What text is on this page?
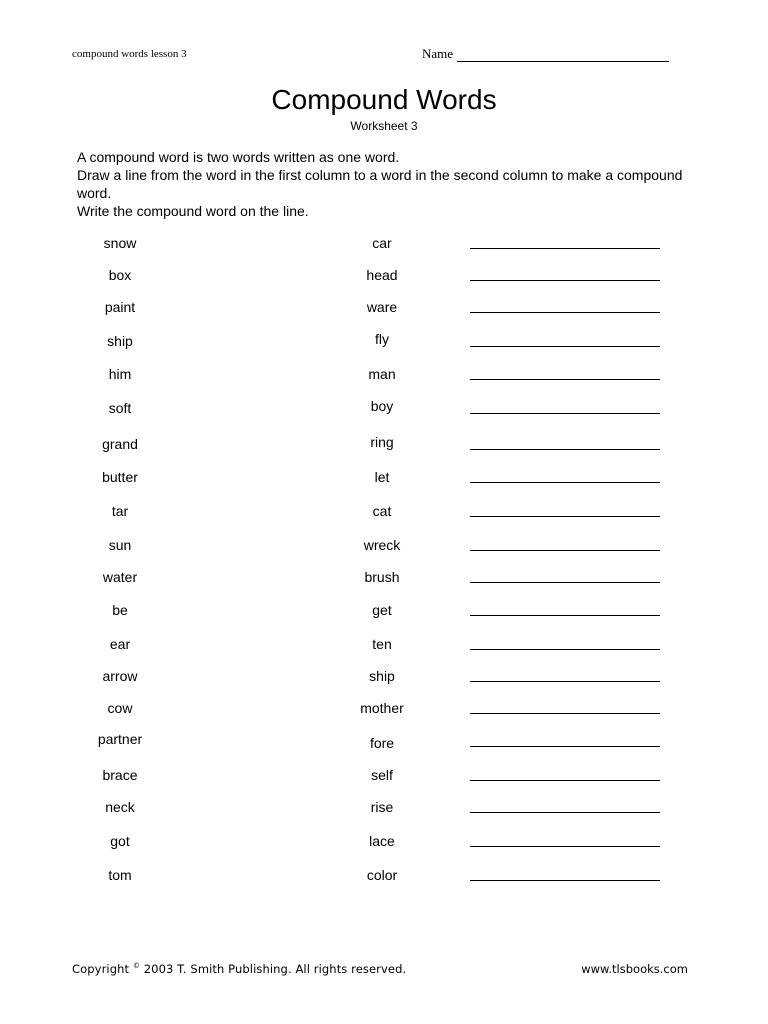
compound words lesson 3	Name
Compound Words
Worksheet 3

A compound word is two words written as one word.

Draw a line from the word in the first column to a word in the second column to make a compound word.

Write the compound word on the line.

snow	car
box	head
paint	ware
ship	fly
him	man
soft	boy
grand	ring
butter	let
tar	cat
sun	wreck
water	brush
be	get
ear	ten
arrow	ship
cow	mother
partner	fore
brace	self
neck	rise
got	lace
tom	color
Copyright © 2003 T. Smith Publishing. All rights reserved.	www.tlsbooks.com
